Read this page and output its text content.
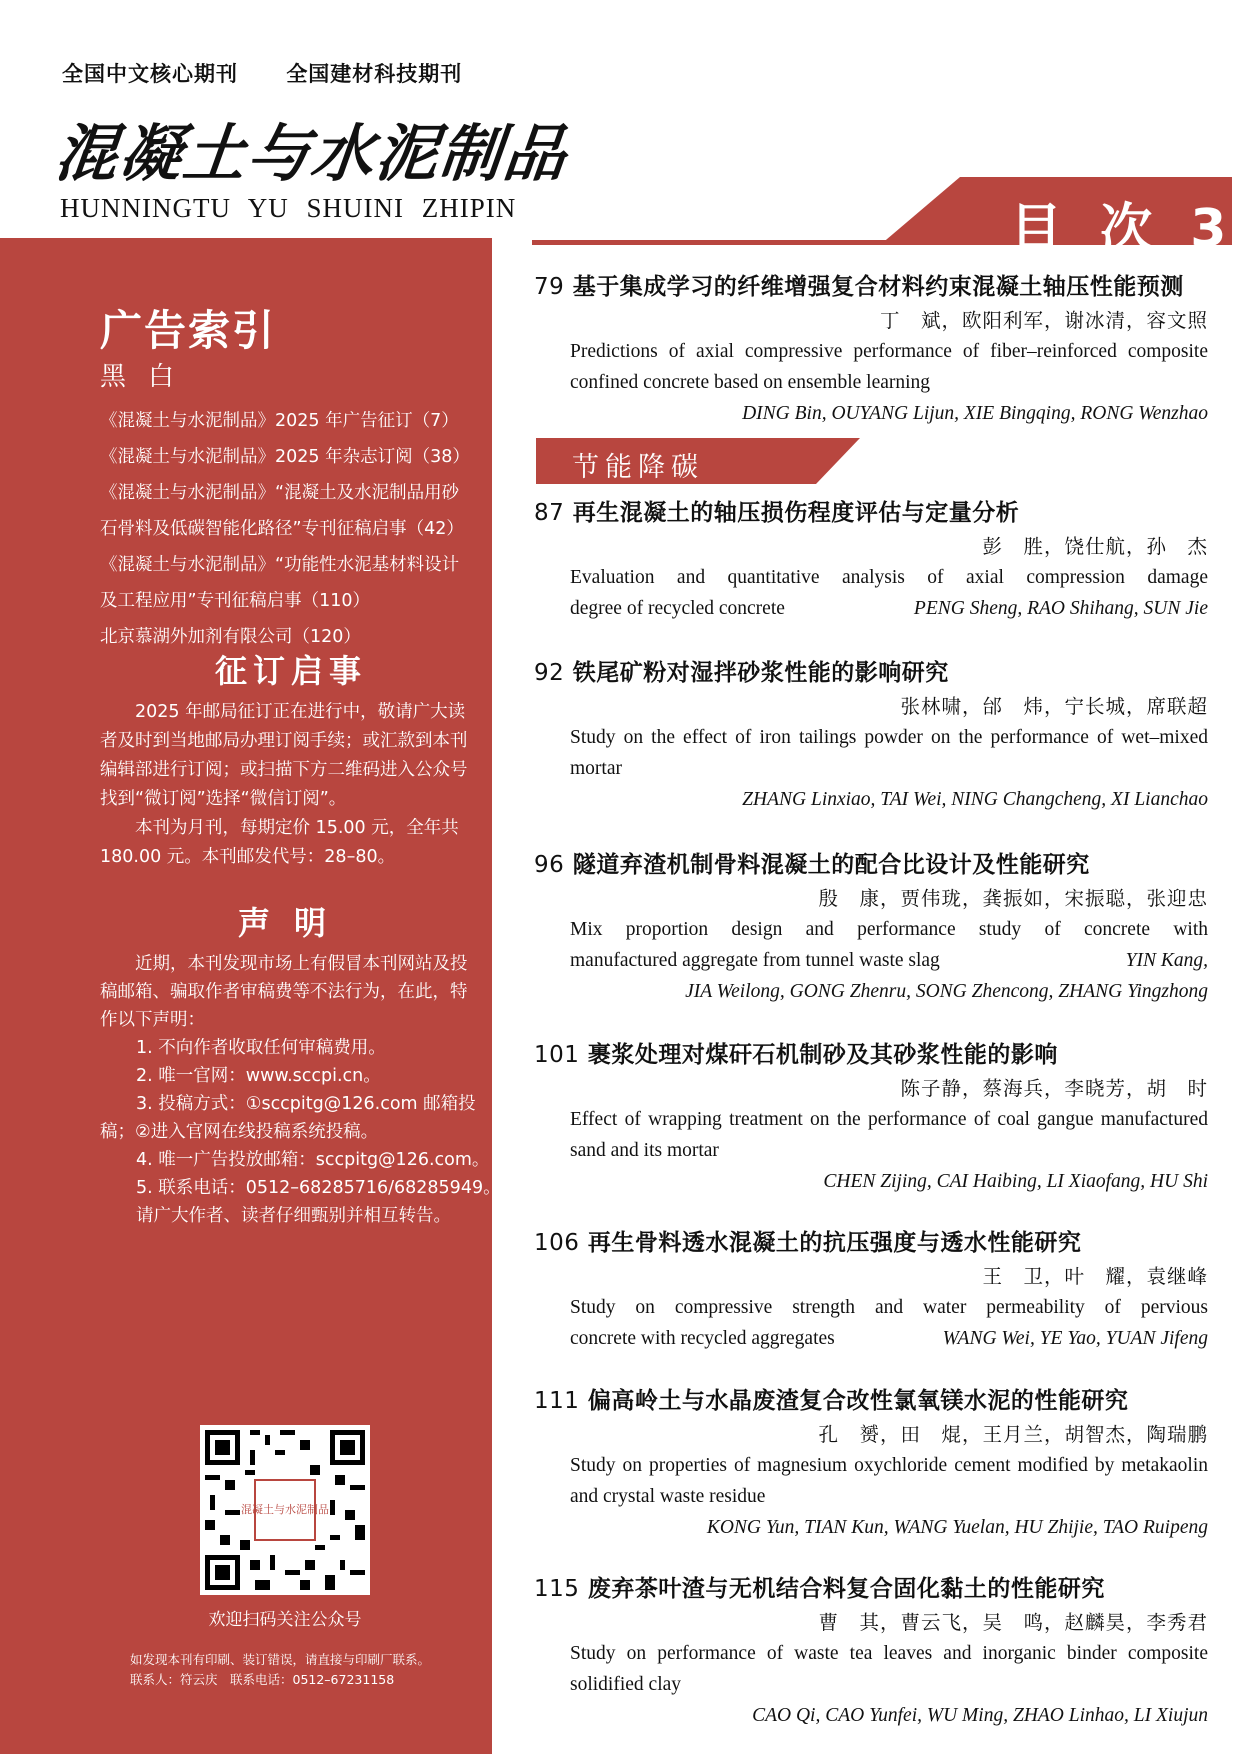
全国中文核心期刊 全国建材科技期刊
混凝土与水泥制品
HUNNINGTU YU SHUINI ZHIPIN	目 次 3
广告索引
黑白
《混凝土与水泥制品》2025 年广告征订（7）
《混凝土与水泥制品》2025 年杂志订阅（38）
《混凝土与水泥制品》“混凝土及水泥制品用砂
石骨料及低碳智能化路径”专刊征稿启事（42）
《混凝土与水泥制品》“功能性水泥基材料设计
及工程应用”专刊征稿启事（110）
北京慕湖外加剂有限公司（120）
征订启事

2025 年邮局征订正在进行中，敬请广大读者及时到当地邮局办理订阅手续；或汇款到本刊编辑部进行订阅；或扫描下方二维码进入公众号找到“微订阅”选择“微信订阅”。

本刊为月刊，每期定价 15.00 元，全年共180.00 元。本刊邮发代号：28–80。

声明

近期，本刊发现市场上有假冒本刊网站及投稿邮箱、骗取作者审稿费等不法行为，在此，特作以下声明：

1. 不向作者收取任何审稿费用。

2. 唯一官网：www.sccpi.cn。

3. 投稿方式：①sccpitg@126.com 邮箱投

稿；②进入官网在线投稿系统投稿。

4. 唯一广告投放邮箱：sccpitg@126.com。

5. 联系电话：0512–68285716/68285949。

请广大作者、读者仔细甄别并相互转告。

混凝土与水泥制品
欢迎扫码关注公众号
如发现本刊有印刷、装订错误，请直接与印刷厂联系。
联系人：符云庆　联系电话：0512–67231158
79 基于集成学习的纤维增强复合材料约束混凝土轴压性能预测
丁　斌，欧阳利军，谢冰清，容文照
Predictions of axial compressive performance of fiber–reinforced composite confined concrete based on ensemble learning
DING Bin, OUYANG Lijun, XIE Bingqing, RONG Wenzhao
节能降碳
87 再生混凝土的轴压损伤程度评估与定量分析
彭　胜，饶仕航，孙　杰
Evaluation and quantitative analysis of axial compression damage
degree of recycled concrete	PENG Sheng, RAO Shihang, SUN Jie
92 铁尾矿粉对湿拌砂浆性能的影响研究
张林啸，邰　炜，宁长城，席联超
Study on the effect of iron tailings powder on the performance of wet–mixed mortar
ZHANG Linxiao, TAI Wei, NING Changcheng, XI Lianchao
96 隧道弃渣机制骨料混凝土的配合比设计及性能研究
殷　康，贾伟珑，龚振如，宋振聪，张迎忠
Mix proportion design and performance study of concrete with
manufactured aggregate from tunnel waste slag	YIN Kang,
JIA Weilong, GONG Zhenru, SONG Zhencong, ZHANG Yingzhong
101 裹浆处理对煤矸石机制砂及其砂浆性能的影响
陈子静，蔡海兵，李晓芳，胡　时
Effect of wrapping treatment on the performance of coal gangue manufactured sand and its mortar
CHEN Zijing, CAI Haibing, LI Xiaofang, HU Shi
106 再生骨料透水混凝土的抗压强度与透水性能研究
王　卫，叶　耀，袁继峰
Study on compressive strength and water permeability of pervious
concrete with recycled aggregates	WANG Wei, YE Yao, YUAN Jifeng
111 偏高岭土与水晶废渣复合改性氯氧镁水泥的性能研究
孔　赟，田　焜，王月兰，胡智杰，陶瑞鹏
Study on properties of magnesium oxychloride cement modified by metakaolin and crystal waste residue
KONG Yun, TIAN Kun, WANG Yuelan, HU Zhijie, TAO Ruipeng
115 废弃茶叶渣与无机结合料复合固化黏土的性能研究
曹　其，曹云飞，吴　鸣，赵麟昊，李秀君
Study on performance of waste tea leaves and inorganic binder composite solidified clay
CAO Qi, CAO Yunfei, WU Ming, ZHAO Linhao, LI Xiujun
